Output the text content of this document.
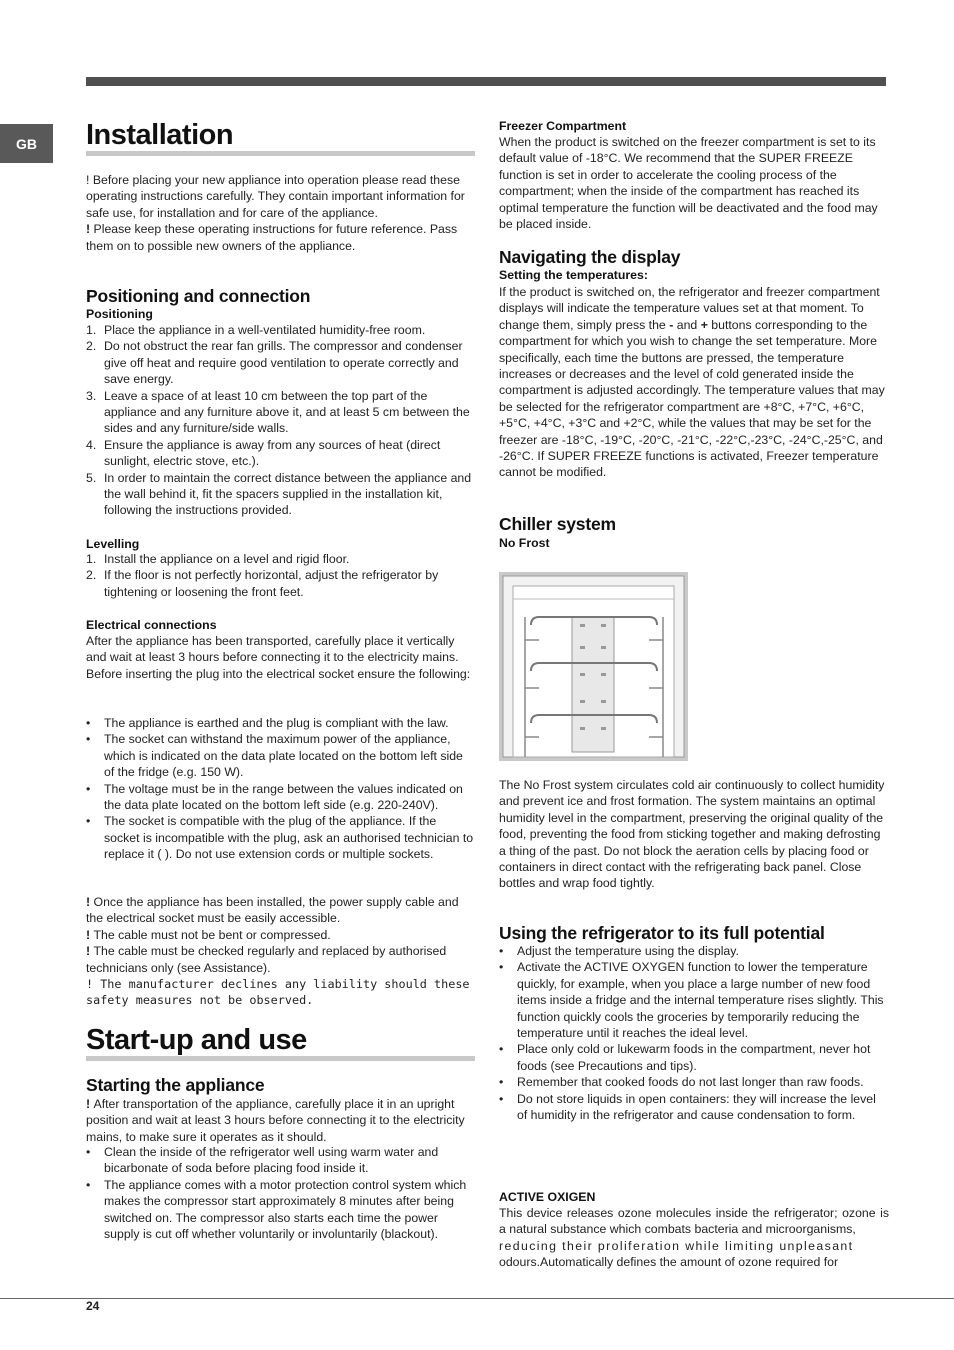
GB	Installation

! Before placing your new appliance into operation please read these operating instructions carefully. They contain important information for safe use, for installation and for care of the appliance.

! Please keep these operating instructions for future reference. Pass them on to possible new owners of the appliance.

Positioning and connection
Positioning
1. Place the appliance in a well-ventilated humidity-free room.
2. Do not obstruct the rear fan grills. The compressor and condenser give off heat and require good ventilation to operate correctly and save energy.
3. Leave a space of at least 10 cm between the top part of the appliance and any furniture above it, and at least 5 cm between the sides and any furniture/side walls.
4. Ensure the appliance is away from any sources of heat (direct sunlight, electric stove, etc.).
5. In order to maintain the correct distance between the appliance and the wall behind it, fit the spacers supplied in the installation kit, following the instructions provided.
Levelling
1. Install the appliance on a level and rigid floor.
2. If the floor is not perfectly horizontal, adjust the refrigerator by tightening or loosening the front feet.
Electrical connections

After the appliance has been transported, carefully place it vertically and wait at least 3 hours before connecting it to the electricity mains. Before inserting the plug into the electrical socket ensure the following:

• The appliance is earthed and the plug is compliant with the law.
• The socket can withstand the maximum power of the appliance, which is indicated on the data plate located on the bottom left side of the fridge (e.g. 150 W).
• The voltage must be in the range between the values indicated on the data plate located on the bottom left side (e.g. 220-240V).
• The socket is compatible with the plug of the appliance. If the socket is incompatible with the plug, ask an authorised technician to replace it ( ). Do not use extension cords or multiple sockets.

! Once the appliance has been installed, the power supply cable and the electrical socket must be easily accessible.

! The cable must not be bent or compressed.

! The cable must be checked regularly and replaced by authorised technicians only (see Assistance).

! The manufacturer declines any liability should these safety measures not be observed.

Start-up and use
Starting the appliance

! After transportation of the appliance, carefully place it in an upright position and wait at least 3 hours before connecting it to the electricity mains, to make sure it operates as it should.

• Clean the inside of the refrigerator well using warm water and bicarbonate of soda before placing food inside it.
• The appliance comes with a motor protection control system which makes the compressor start approximately 8 minutes after being switched on. The compressor also starts each time the power supply is cut off whether voluntarily or involuntarily (blackout).
Freezer Compartment

When the product is switched on the freezer compartment is set to its default value of -18°C. We recommend that the SUPER FREEZE function is set in order to accelerate the cooling process of the compartment; when the inside of the compartment has reached its optimal temperature the function will be deactivated and the food may be placed inside.

Navigating the display
Setting the temperatures:

If the product is switched on, the refrigerator and freezer compartment displays will indicate the temperature values set at that moment. To change them, simply press the - and + buttons corresponding to the compartment for which you wish to change the set temperature. More specifically, each time the buttons are pressed, the temperature increases or decreases and the level of cold generated inside the compartment is adjusted accordingly. The temperature values that may be selected for the refrigerator compartment are +8°C, +7°C, +6°C, +5°C, +4°C, +3°C and +2°C, while the values that may be set for the freezer are -18°C, -19°C, -20°C, -21°C, -22°C,-23°C, -24°C,-25°C, and -26°C. If SUPER FREEZE functions is activated, Freezer temperature cannot be modified.

Chiller system
No Frost

The No Frost system circulates cold air continuously to collect humidity and prevent ice and frost formation. The system maintains an optimal humidity level in the compartment, preserving the original quality of the food, preventing the food from sticking together and making defrosting a thing of the past. Do not block the aeration cells by placing food or containers in direct contact with the refrigerating back panel. Close bottles and wrap food tightly.

Using the refrigerator to its full potential
• Adjust the temperature using the display.
• Activate the ACTIVE OXYGEN function to lower the temperature quickly, for example, when you place a large number of new food items inside a fridge and the internal temperature rises slightly. This function quickly cools the groceries by temporarily reducing the temperature until it reaches the ideal level.
• Place only cold or lukewarm foods in the compartment, never hot foods (see Precautions and tips).
• Remember that cooked foods do not last longer than raw foods.
• Do not store liquids in open containers: they will increase the level of humidity in the refrigerator and cause condensation to form.
ACTIVE OXIGEN

This device releases ozone molecules inside the refrigerator; ozone is a natural substance which combats bacteria and microorganisms,

reducing their proliferation while limiting unpleasant

odours.Automatically defines the amount of ozone required for

24
